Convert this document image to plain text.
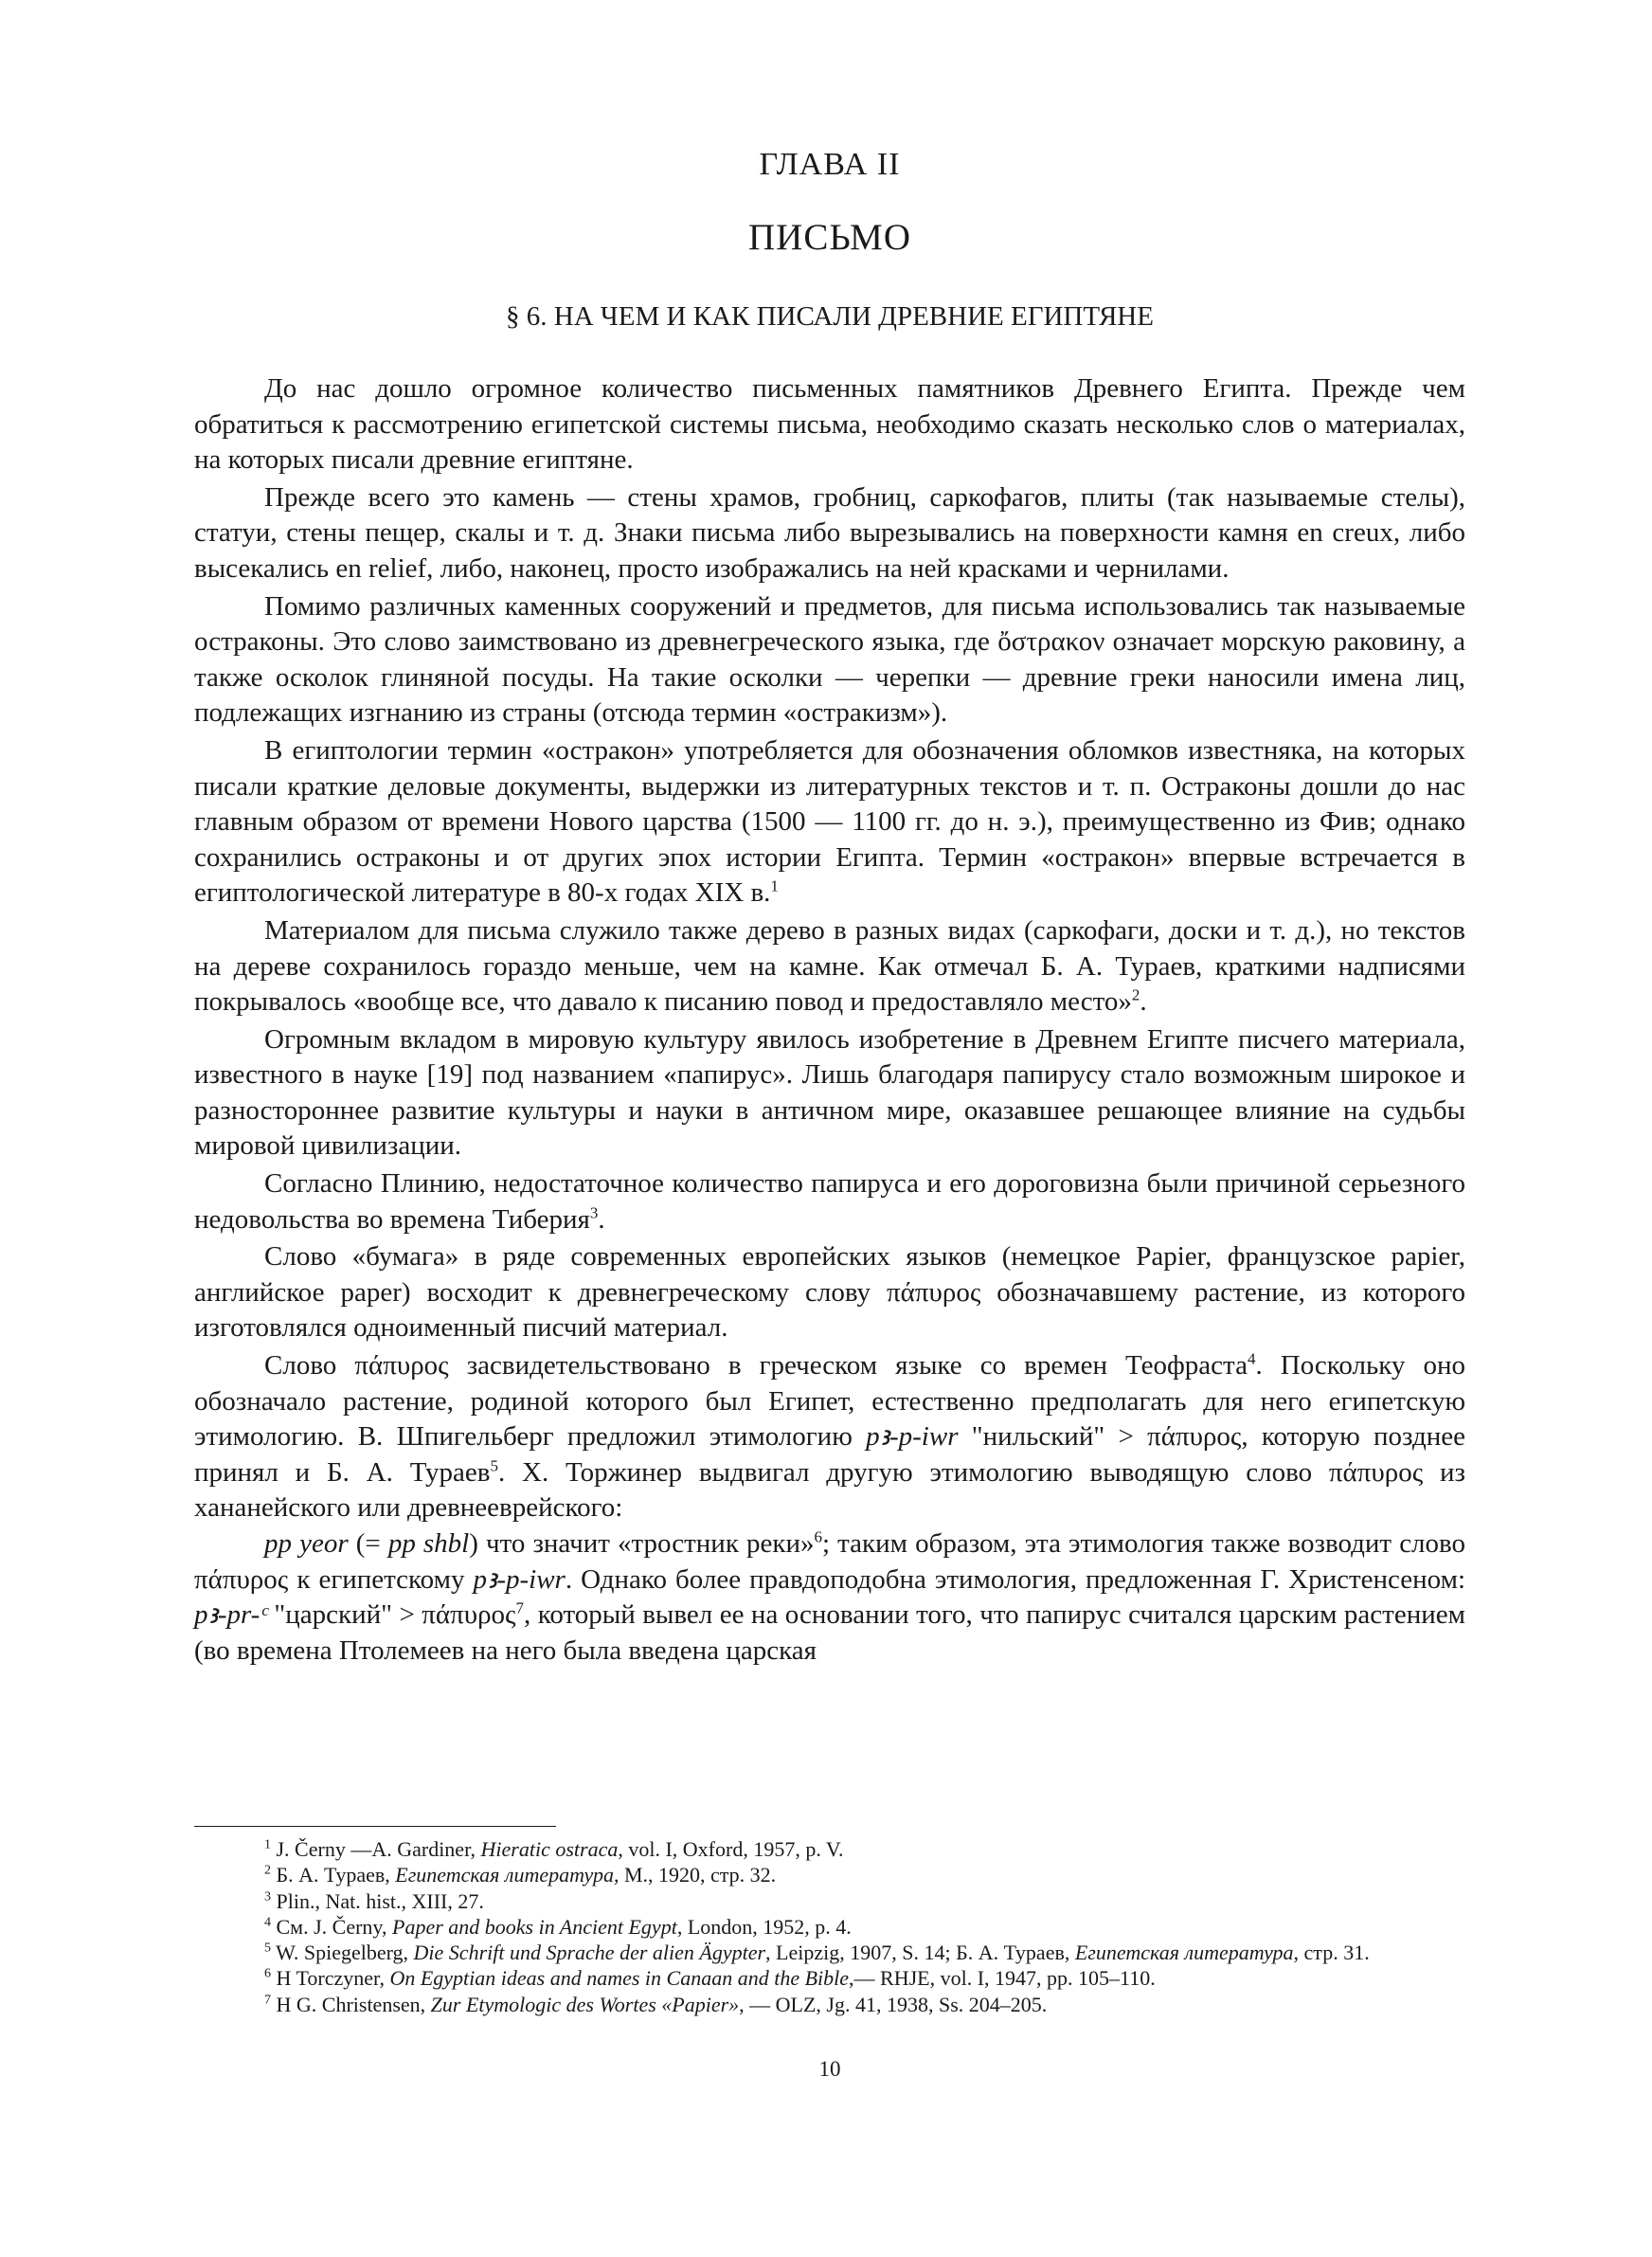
ГЛАВА II
ПИСЬМО
§ 6. НА ЧЕМ И КАК ПИСАЛИ ДРЕВНИЕ ЕГИПТЯНЕ

До нас дошло огромное количество письменных памятников Древнего Египта. Прежде чем обратиться к рассмотрению египетской системы письма, необходимо сказать несколько слов о материалах, на которых писали древние египтяне.

Прежде всего это камень — стены храмов, гробниц, саркофагов, плиты (так называемые стелы), статуи, стены пещер, скалы и т. д. Знаки письма либо вырезывались на поверхности камня en creux, либо высекались en relief, либо, наконец, просто изображались на ней красками и чернилами.

Помимо различных каменных сооружений и предметов, для письма использовались так называемые остраконы. Это слово заимствовано из древнегреческого языка, где ὄστρακον означает морскую раковину, а также осколок глиняной посуды. На такие осколки — черепки — древние греки наносили имена лиц, подлежащих изгнанию из страны (отсюда термин «остракизм»).

В египтологии термин «остракон» употребляется для обозначения обломков известняка, на которых писали краткие деловые документы, выдержки из литературных текстов и т. п. Остраконы дошли до нас главным образом от времени Нового царства (1500 — 1100 гг. до н. э.), преимущественно из Фив; однако сохранились остраконы и от других эпох истории Египта. Термин «остракон» впервые встречается в египтологической литературе в 80-х годах XIX в.$^1$

Материалом для письма служило также дерево в разных видах (саркофаги, доски и т. д.), но текстов на дереве сохранилось гораздо меньше, чем на камне. Как отмечал Б. А. Тураев, краткими надписями покрывалось «вообще все, что давало к писанию повод и предоставляло место»$^2$.

Огромным вкладом в мировую культуру явилось изобретение в Древнем Египте писчего материала, известного в науке [19] под названием «папирус». Лишь благодаря папирусу стало возможным широкое и разностороннее развитие культуры и науки в античном мире, оказавшее решающее влияние на судьбы мировой цивилизации.

Согласно Плинию, недостаточное количество папируса и его дороговизна были причиной серьезного недовольства во времена Тиберия$^3$.

Слово «бумага» в ряде современных европейских языков (немецкое Papier, французское papier, английское paper) восходит к древнегреческому слову πάπυρος обозначавшему растение, из которого изготовлялся одноименный писчий материал.

Слово πάπυρος засвидетельствовано в греческом языке со времен Теофраста$^4$. Поскольку оно обозначало растение, родиной которого был Египет, естественно предполагать для него египетскую этимологию. В. Шпигельберг предложил этимологию pꜣ-p-iwr "нильский" > πάπυρος, которую позднее принял и Б. А. Тураев$^5$. Х. Торжинер выдвигал другую этимологию выводящую слово πάπυρος из хананейского или древнееврейского:

pp yeor (= pp shbl) что значит «тростник реки»$^6$; таким образом, эта этимология также возводит слово πάπυρος к египетскому pꜣ-p-iwr. Однако более правдоподобна этимология, предложенная Г. Христенсеном: pꜣ-pr-ᶜ "царский" > πάπυρος$^7$, который вывел ее на основании того, что папирус считался царским растением (во времена Птолемеев на него была введена царская

$^1$ J. Černy —A. Gardiner, Hieratic ostraca, vol. I, Oxford, 1957, p. V.

$^2$ Б. А. Тураев, Египетская литература, М., 1920, стр. 32.

$^3$ Plin., Nat. hist., XIII, 27.

$^4$ См. J. Černy, Paper and books in Ancient Egypt, London, 1952, p. 4.

$^5$ W. Spiegelberg, Die Schrift und Sprache der alien Ägypter, Leipzig, 1907, S. 14; Б. А. Тураев, Египетская литература, стр. 31.

$^6$ H Torczyner, On Egyptian ideas and names in Canaan and the Bible,— RHJE, vol. I, 1947, pp. 105–110.

$^7$ H G. Christensen, Zur Etymologic des Wortes «Papier», — OLZ, Jg. 41, 1938, Ss. 204–205.

10
